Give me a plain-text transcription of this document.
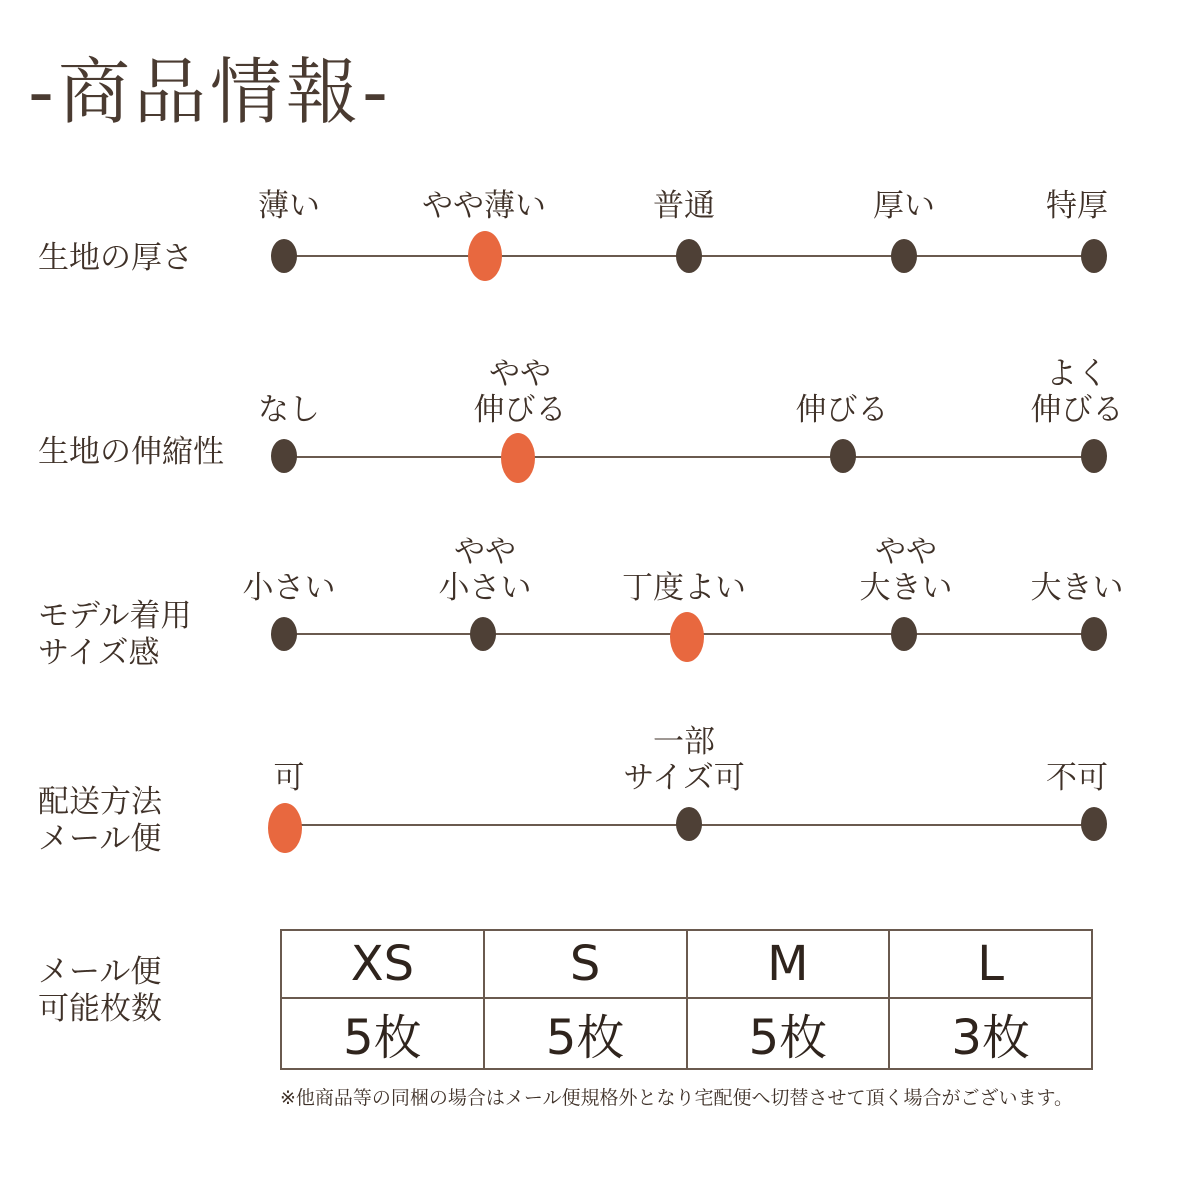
-商品情報-
生地の厚さ
薄い	やや薄い	普通	厚い	特厚
生地の伸縮性
なし
やや
伸びる	伸びる
よく
伸びる
モデル着用
サイズ感
小さい
やや
小さい	丁度よい
やや
大きい	大きい
配送方法
メール便
可
一部
サイズ可	不可
メール便
可能枚数
XS	S	M	L
5枚	5枚	5枚	3枚
※他商品等の同梱の場合はメール便規格外となり宅配便へ切替させて頂く場合がございます。
